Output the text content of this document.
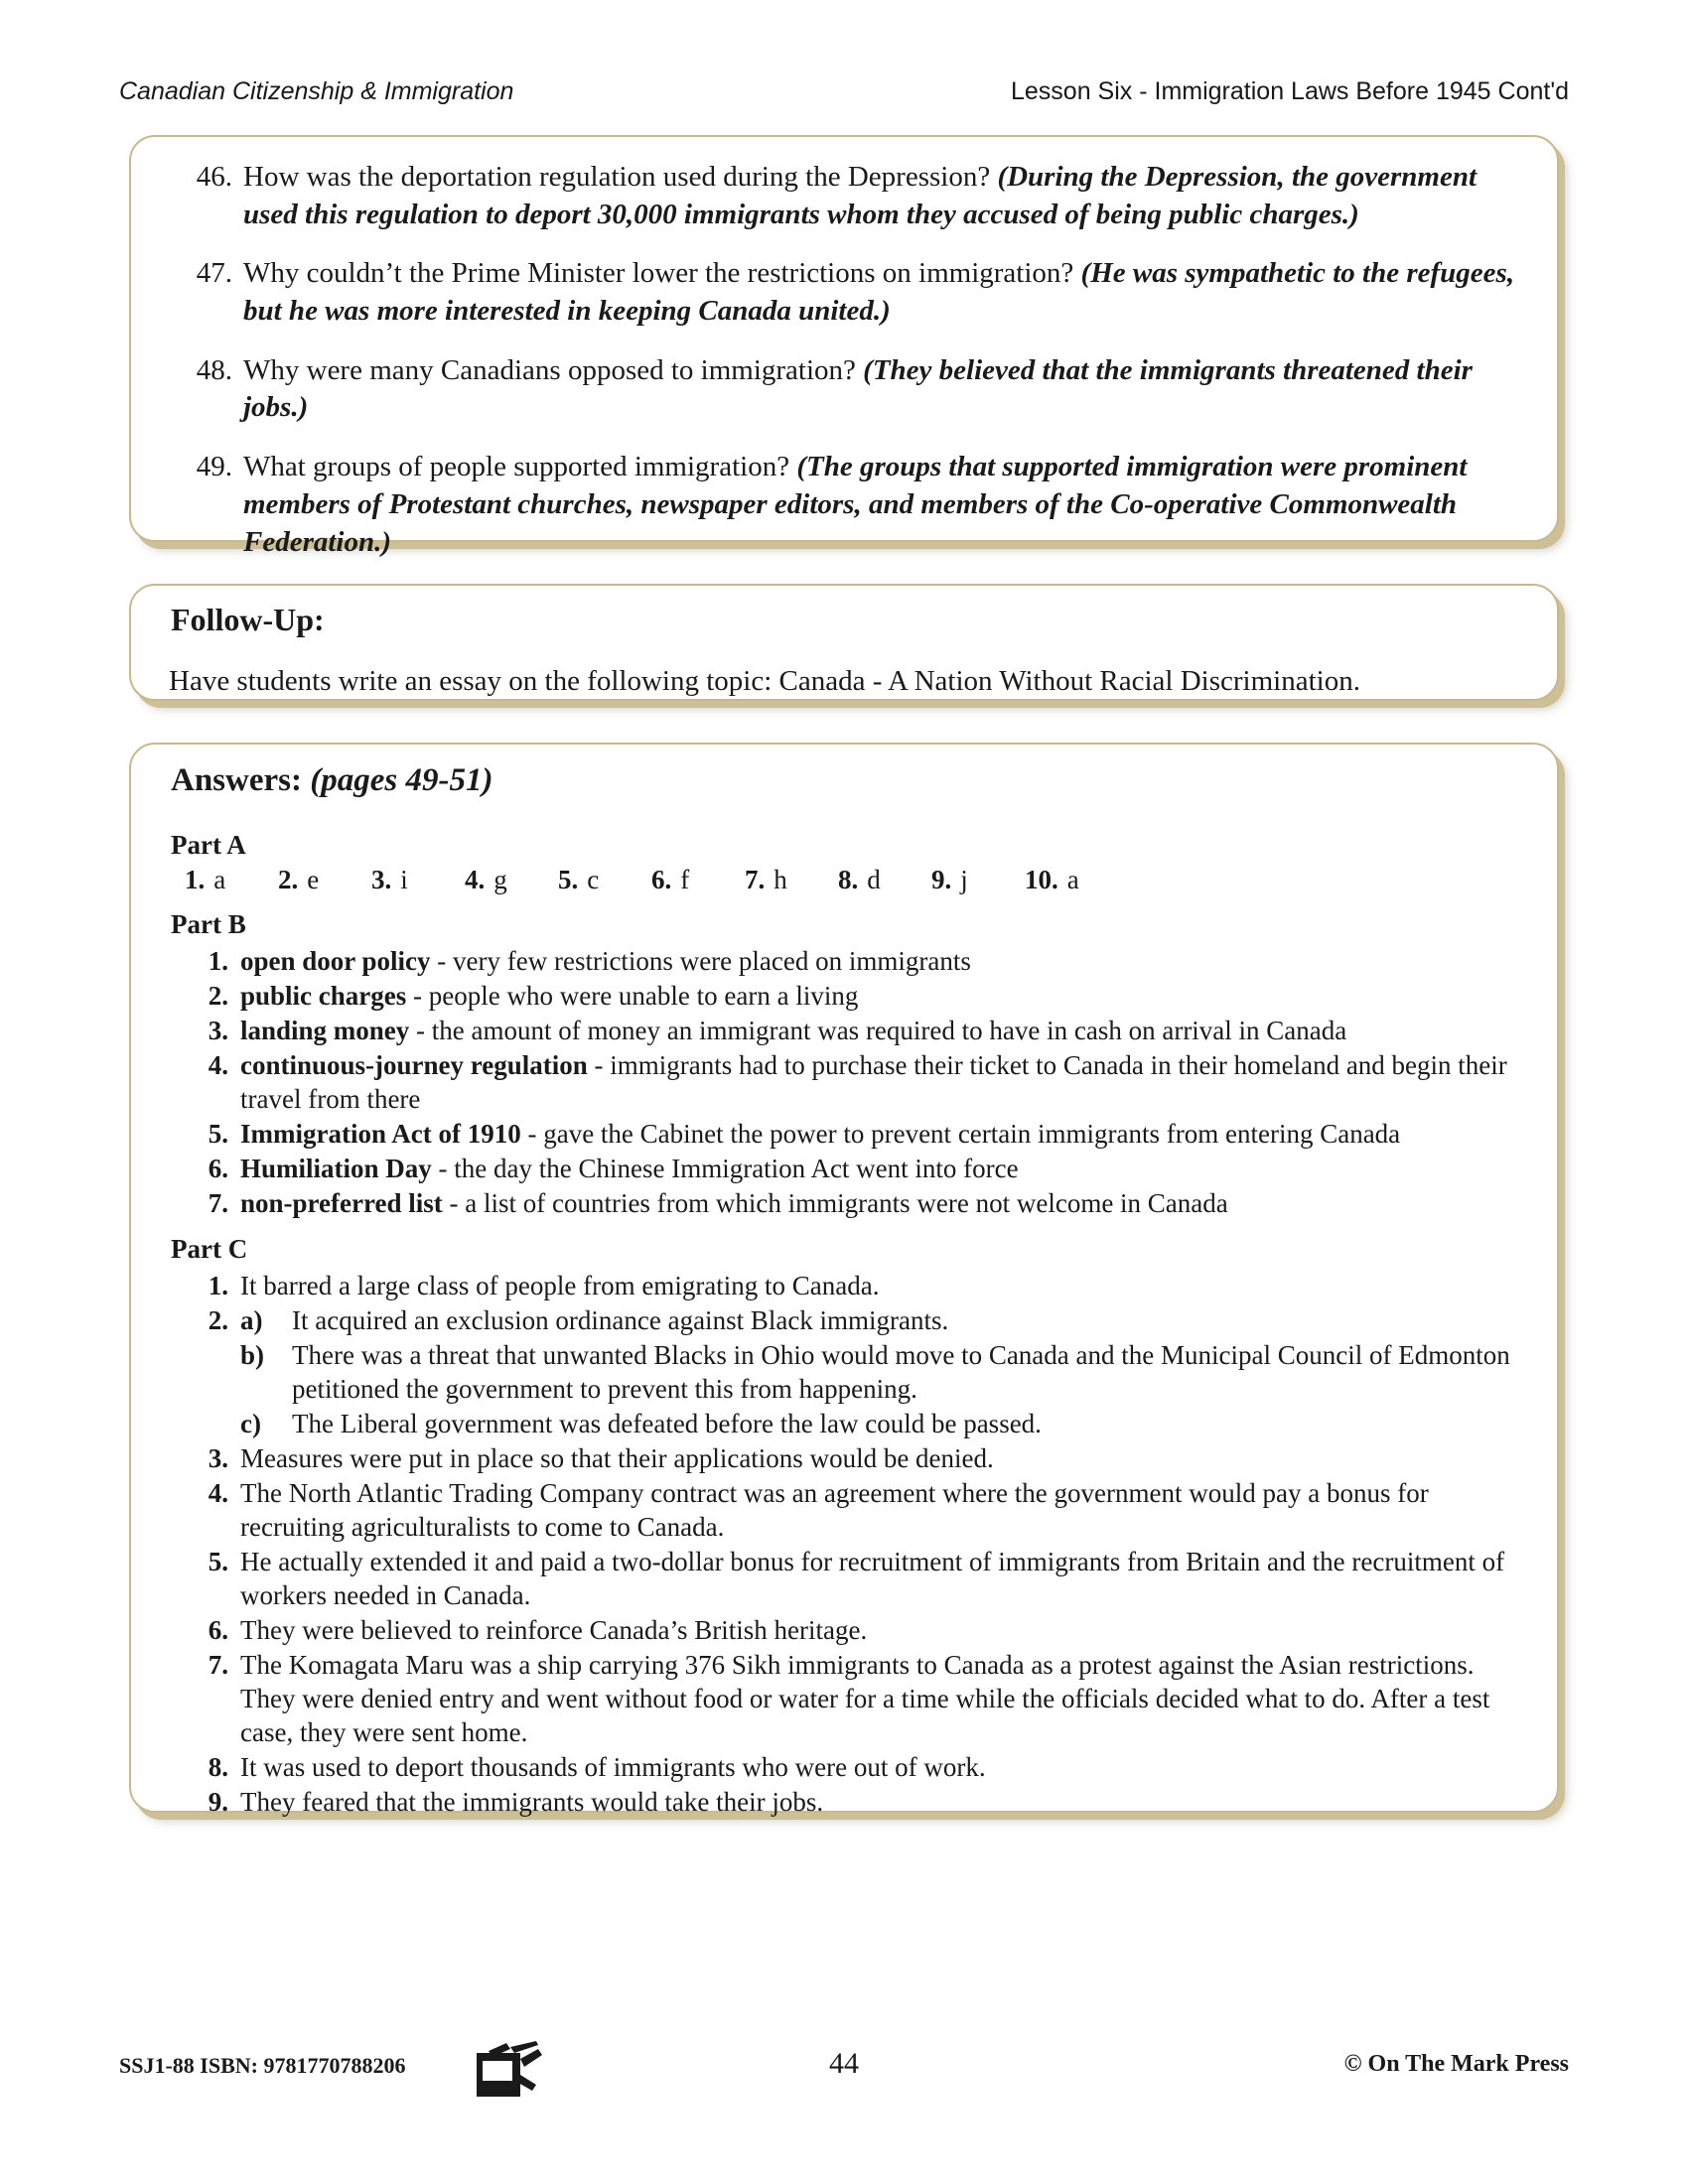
Canadian Citizenship & Immigration	Lesson Six - Immigration Laws Before 1945 Cont'd
46. How was the deportation regulation used during the Depression? (During the Depression, the government used this regulation to deport 30,000 immigrants whom they accused of being public charges.)
47. Why couldn’t the Prime Minister lower the restrictions on immigration? (He was sympathetic to the refugees, but he was more interested in keeping Canada united.)
48. Why were many Canadians opposed to immigration? (They believed that the immigrants threatened their jobs.)
49. What groups of people supported immigration? (The groups that supported immigration were prominent members of Protestant churches, newspaper editors, and members of the Co-operative Commonwealth Federation.)
Follow-Up:
Have students write an essay on the following topic: Canada - A Nation Without Racial Discrimination.
Answers: (pages 49-51)
Part A
1. a 2. e 3. i 4. g 5. c 6. f 7. h 8. d 9. j 10. a
Part B
1. open door policy - very few restrictions were placed on immigrants
2. public charges - people who were unable to earn a living
3. landing money - the amount of money an immigrant was required to have in cash on arrival in Canada
4. continuous-journey regulation - immigrants had to purchase their ticket to Canada in their homeland and begin their travel from there
5. Immigration Act of 1910 - gave the Cabinet the power to prevent certain immigrants from entering Canada
6. Humiliation Day - the day the Chinese Immigration Act went into force
7. non-preferred list - a list of countries from which immigrants were not welcome in Canada
Part C
1. It barred a large class of people from emigrating to Canada.
2. a)	It acquired an exclusion ordinance against Black immigrants.
b)	There was a threat that unwanted Blacks in Ohio would move to Canada and the Municipal Council of Edmonton petitioned the government to prevent this from happening.
c)	The Liberal government was defeated before the law could be passed.
3. Measures were put in place so that their applications would be denied.
4. The North Atlantic Trading Company contract was an agreement where the government would pay a bonus for recruiting agriculturalists to come to Canada.
5. He actually extended it and paid a two-dollar bonus for recruitment of immigrants from Britain and the recruitment of workers needed in Canada.
6. They were believed to reinforce Canada’s British heritage.
7. The Komagata Maru was a ship carrying 376 Sikh immigrants to Canada as a protest against the Asian restrictions. They were denied entry and went without food or water for a time while the officials decided what to do. After a test case, they were sent home.
8. It was used to deport thousands of immigrants who were out of work.
9. They feared that the immigrants would take their jobs.
SSJ1-88 ISBN: 9781770788206	44	© On The Mark Press
